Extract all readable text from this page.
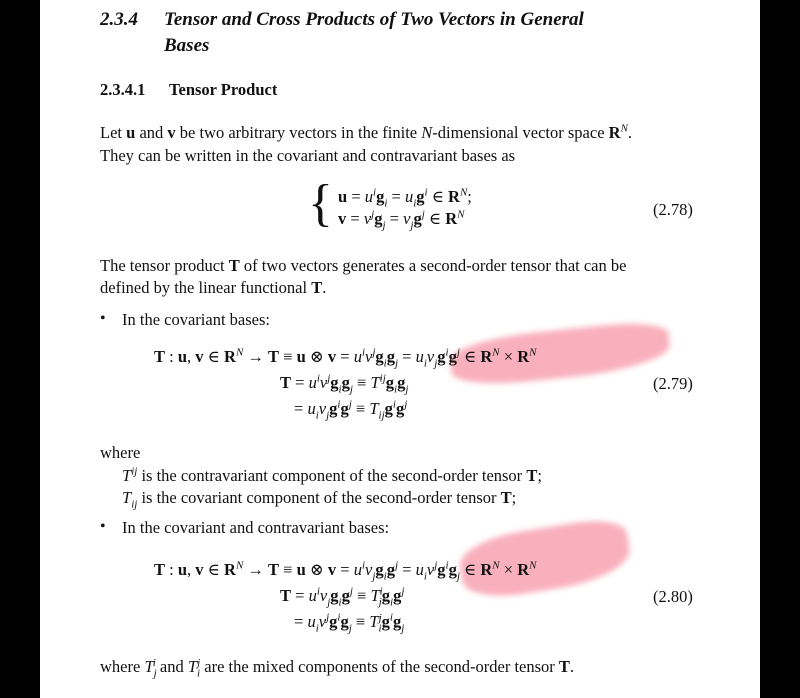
2.3.4 Tensor and Cross Products of Two Vectors in General
Bases
2.3.4.1 Tensor Product
Let u and v be two arbitrary vectors in the finite N-dimensional vector space $R^N$.
They can be written in the covariant and contravariant bases as
{ $u = u^ig_i = u_ig^i$ ∈ $R^N$;
$v = v^jg_j = v_jg^j$ ∈ $R^N$	(2.78)
The tensor product T of two vectors generates a second-order tensor that can be
defined by the linear functional T.
• In the covariant bases:
T : u, v ∈ $R^N \to T \equiv u$ ⊗ $v = u^iv^jg_ig_j = u_iv_jg^ig^j$ ∈ $R^N \times R^N$
$T = u^iv^jg_ig_j \equiv T^{ij}g_ig_j$
= $u_iv_jg^ig^j \equiv T_{ij}g^ig^j$
(2.79)
where
$T^{ij}$ is the contravariant component of the second-order tensor T;
$T_{ij}$ is the covariant component of the second-order tensor T;
• In the covariant and contravariant bases:
T : u, v ∈ $R^N \to T \equiv u$ ⊗ $v = u^iv_jg_ig^j = u_iv^jg^ig_j$ ∈ $R^N \times R^N$
$T = u^iv_jg_ig^j \equiv T^i_jg_ig^j$
= $u_iv^jg^ig_j \equiv T_i^jg^ig_j$
(2.80)
where $T_j^i$ and $T_i^j$ are the mixed components of the second-order tensor T.
